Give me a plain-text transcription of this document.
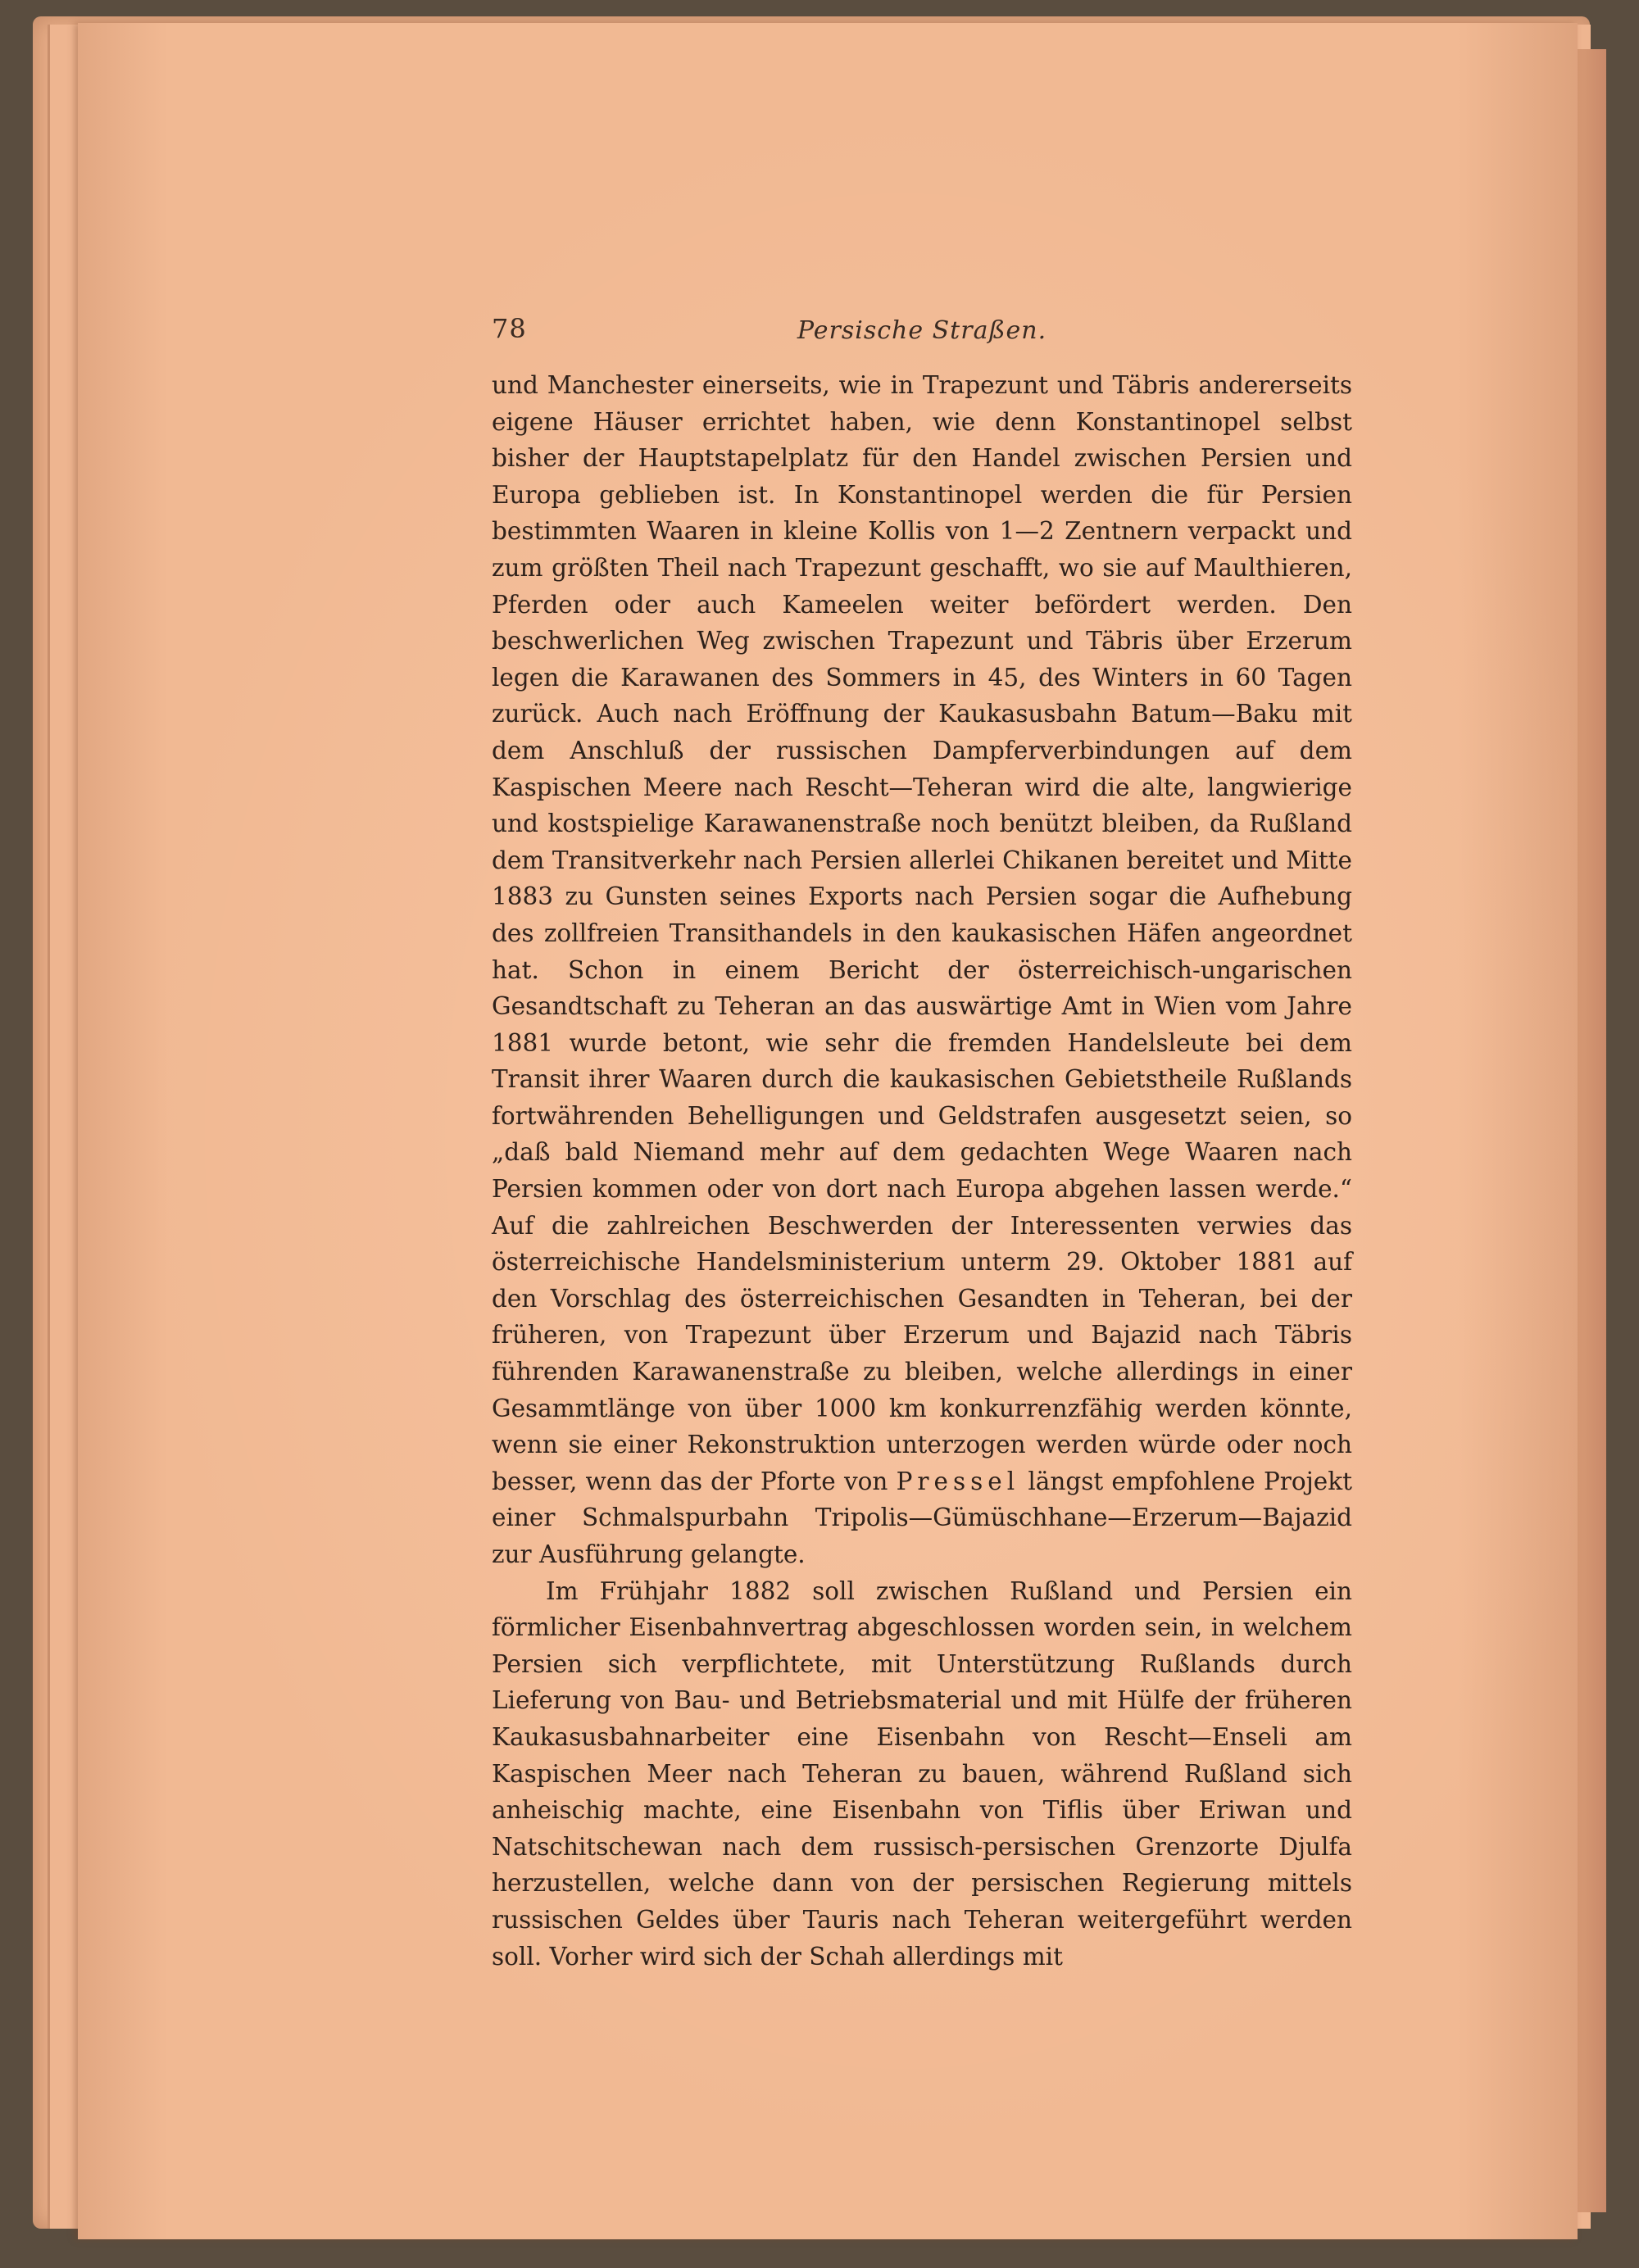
78	Persische Straßen.

und Manchester einerseits, wie in Trapezunt und Täbris andererseits eigene Häuser errichtet haben, wie denn Konstantinopel selbst bisher der Hauptstapelplatz für den Handel zwischen Persien und Europa geblieben ist. In Konstantinopel werden die für Persien bestimmten Waaren in kleine Kollis von 1—2 Zentnern verpackt und zum größten Theil nach Trapezunt geschafft, wo sie auf Maulthieren, Pferden oder auch Kameelen weiter befördert werden. Den beschwerlichen Weg zwischen Trapezunt und Täbris über Erzerum legen die Karawanen des Sommers in 45, des Winters in 60 Tagen zurück. Auch nach Eröffnung der Kaukasusbahn Batum—Baku mit dem Anschluß der russischen Dampferverbindungen auf dem Kaspischen Meere nach Rescht—Teheran wird die alte, langwierige und kostspielige Karawanenstraße noch benützt bleiben, da Rußland dem Transitverkehr nach Persien allerlei Chikanen bereitet und Mitte 1883 zu Gunsten seines Exports nach Persien sogar die Aufhebung des zollfreien Transithandels in den kaukasischen Häfen angeordnet hat. Schon in einem Bericht der österreichisch-ungarischen Gesandtschaft zu Teheran an das auswärtige Amt in Wien vom Jahre 1881 wurde betont, wie sehr die fremden Handelsleute bei dem Transit ihrer Waaren durch die kaukasischen Gebietstheile Rußlands fortwährenden Behelligungen und Geldstrafen ausgesetzt seien, so „daß bald Niemand mehr auf dem gedachten Wege Waaren nach Persien kommen oder von dort nach Europa abgehen lassen werde.“ Auf die zahlreichen Beschwerden der Interessenten verwies das österreichische Handelsministerium unterm 29. Oktober 1881 auf den Vorschlag des österreichischen Gesandten in Teheran, bei der früheren, von Trapezunt über Erzerum und Bajazid nach Täbris führenden Karawanenstraße zu bleiben, welche allerdings in einer Gesammtlänge von über 1000 km konkurrenzfähig werden könnte, wenn sie einer Rekonstruktion unterzogen werden würde oder noch besser, wenn das der Pforte von Pressel längst empfohlene Projekt einer Schmalspurbahn Tripolis—Gümüschhane—Erzerum—Bajazid zur Ausführung gelangte.

Im Frühjahr 1882 soll zwischen Rußland und Persien ein förmlicher Eisenbahnvertrag abgeschlossen worden sein, in welchem Persien sich verpflichtete, mit Unterstützung Rußlands durch Lieferung von Bau- und Betriebsmaterial und mit Hülfe der früheren Kaukasusbahnarbeiter eine Eisenbahn von Rescht—Enseli am Kaspischen Meer nach Teheran zu bauen, während Rußland sich anheischig machte, eine Eisenbahn von Tiflis über Eriwan und Natschitschewan nach dem russisch-persischen Grenzorte Djulfa herzustellen, welche dann von der persischen Regierung mittels russischen Geldes über Tauris nach Teheran weitergeführt werden soll. Vorher wird sich der Schah allerdings mit
